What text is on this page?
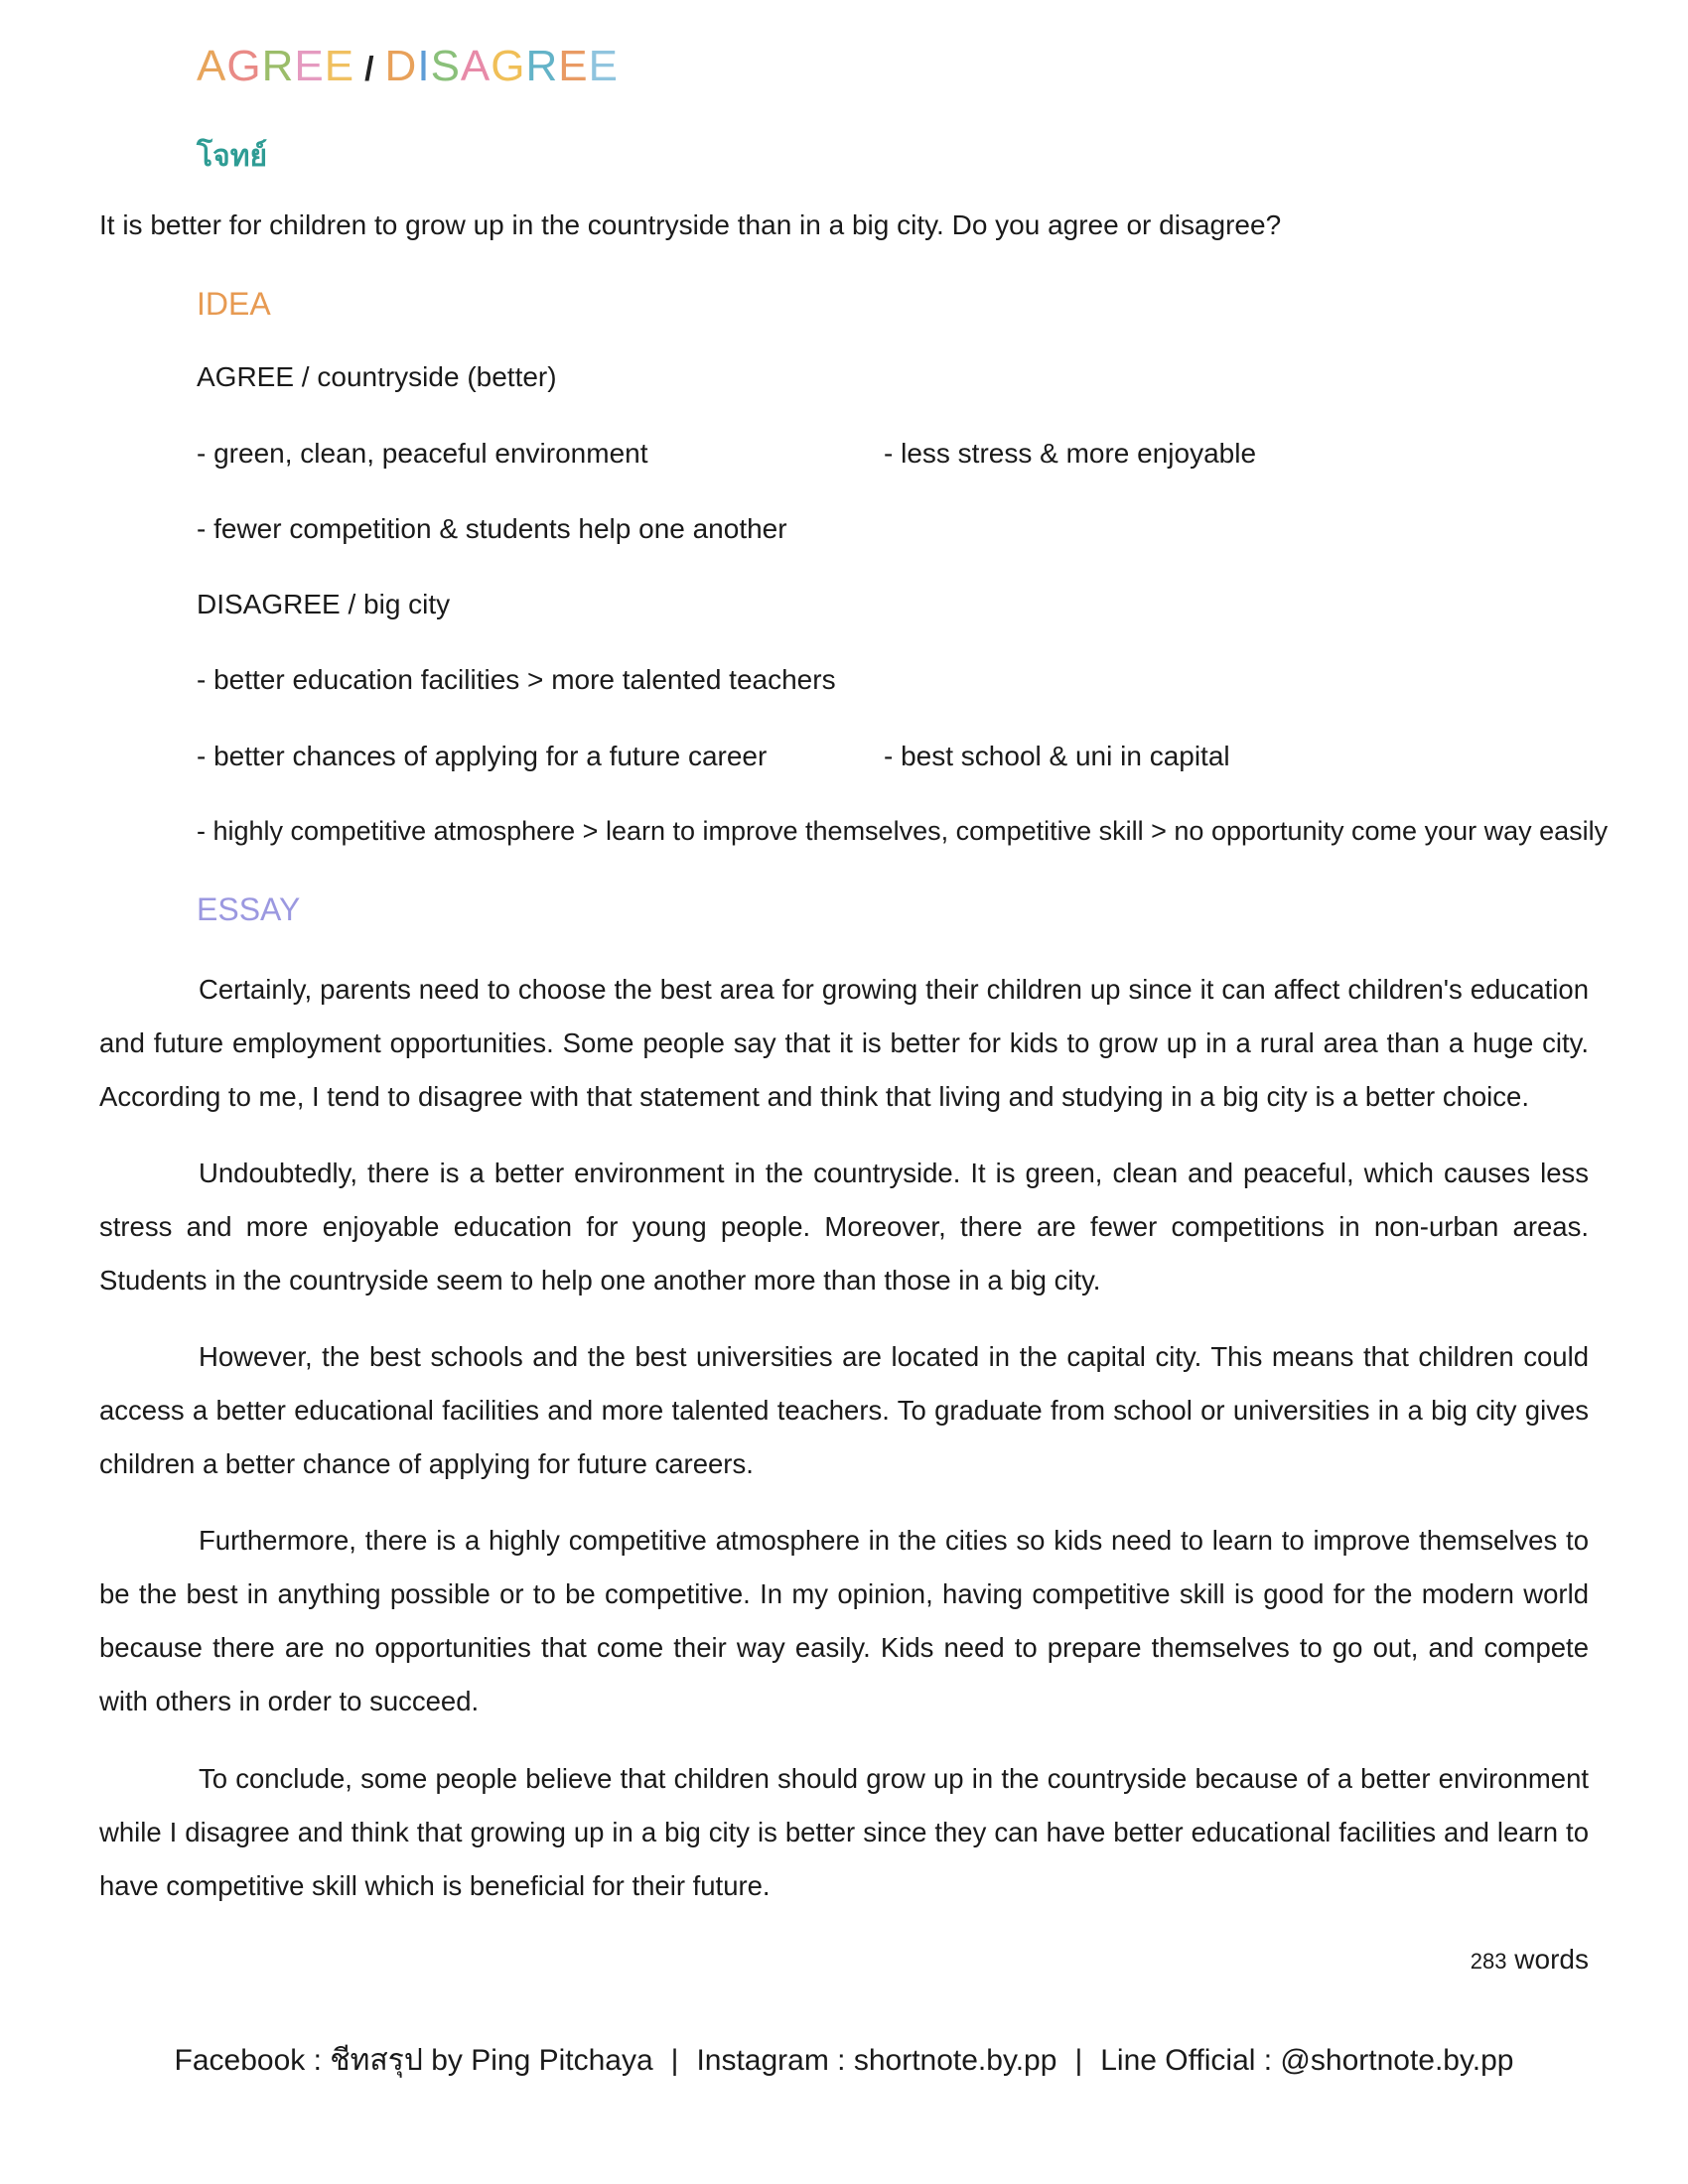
AGREE / DISAGREE
โจทย์
It is better for children to grow up in the countryside than in a big city. Do you agree or disagree?
IDEA
AGREE / countryside (better)
- green, clean, peaceful environment	- less stress & more enjoyable
- fewer competition & students help one another
DISAGREE / big city
- better education facilities > more talented teachers
- better chances of applying for a future career	- best school & uni in capital
- highly competitive atmosphere > learn to improve themselves, competitive skill > no opportunity come your way easily
ESSAY

Certainly, parents need to choose the best area for growing their children up since it can affect children's education and future employment opportunities. Some people say that it is better for kids to grow up in a rural area than a huge city. According to me, I tend to disagree with that statement and think that living and studying in a big city is a better choice.

Undoubtedly, there is a better environment in the countryside. It is green, clean and peaceful, which causes less stress and more enjoyable education for young people. Moreover, there are fewer competitions in non-urban areas. Students in the countryside seem to help one another more than those in a big city.

However, the best schools and the best universities are located in the capital city. This means that children could access a better educational facilities and more talented teachers. To graduate from school or universities in a big city gives children a better chance of applying for future careers.

Furthermore, there is a highly competitive atmosphere in the cities so kids need to learn to improve themselves to be the best in anything possible or to be competitive. In my opinion, having competitive skill is good for the modern world because there are no opportunities that come their way easily. Kids need to prepare themselves to go out, and compete with others in order to succeed.

To conclude, some people believe that children should grow up in the countryside because of a better environment while I disagree and think that growing up in a big city is better since they can have better educational facilities and learn to have competitive skill which is beneficial for their future.

283 words
Facebook : ชีทสรุป by Ping Pitchaya | Instagram : shortnote.by.pp | Line Official : @shortnote.by.pp
